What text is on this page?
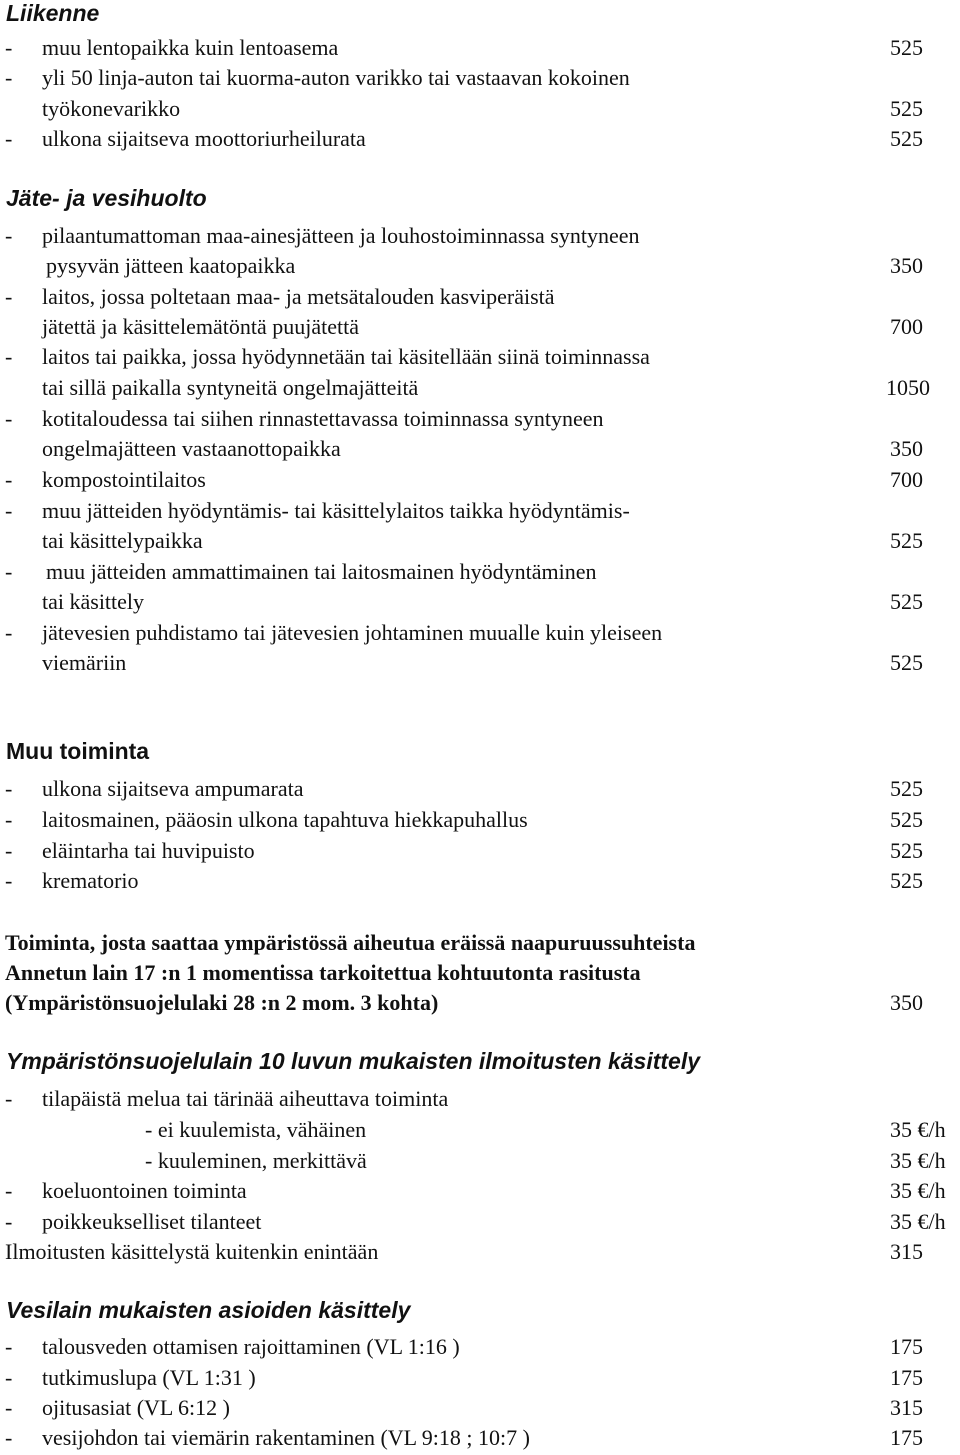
Liikenne
- muu lentopaikka kuin lentoasema	525
- yli 50 linja-auton tai kuorma-auton varikko tai vastaavan kokoinen
työkonevarikko	525
- ulkona sijaitseva moottoriurheilurata	525
Jäte- ja vesihuolto
- pilaantumattoman maa-ainesjätteen ja louhostoiminnassa syntyneen
pysyvän jätteen kaatopaikka	350
- laitos, jossa poltetaan maa- ja metsätalouden kasviperäistä
jätettä ja käsittelemätöntä puujätettä	700
- laitos tai paikka, jossa hyödynnetään tai käsitellään siinä toiminnassa
tai sillä paikalla syntyneitä ongelmajätteitä	1050
- kotitaloudessa tai siihen rinnastettavassa toiminnassa syntyneen
ongelmajätteen vastaanottopaikka	350
- kompostointilaitos	700
- muu jätteiden hyödyntämis- tai käsittelylaitos taikka hyödyntämis-
tai käsittelypaikka	525
- muu jätteiden ammattimainen tai laitosmainen hyödyntäminen
tai käsittely	525
- jätevesien puhdistamo tai jätevesien johtaminen muualle kuin yleiseen
viemäriin	525
Muu toiminta
- ulkona sijaitseva ampumarata	525
- laitosmainen, pääosin ulkona tapahtuva hiekkapuhallus	525
- eläintarha tai huvipuisto	525
- krematorio	525
Toiminta, josta saattaa ympäristössä aiheutua eräissä naapuruussuhteista
Annetun lain 17 :n 1 momentissa tarkoitettua kohtuutonta rasitusta
(Ympäristönsuojelulaki 28 :n 2 mom. 3 kohta)	350
Ympäristönsuojelulain 10 luvun mukaisten ilmoitusten käsittely
- tilapäistä melua tai tärinää aiheuttava toiminta
- ei kuulemista, vähäinen	35 €/h
- kuuleminen, merkittävä	35 €/h
- koeluontoinen toiminta	35 €/h
- poikkeukselliset tilanteet	35 €/h
Ilmoitusten käsittelystä kuitenkin enintään	315
Vesilain mukaisten asioiden käsittely
- talousveden ottamisen rajoittaminen (VL 1:16 )	175
- tutkimuslupa (VL 1:31 )	175
- ojitusasiat (VL 6:12 )	315
- vesijohdon tai viemärin rakentaminen (VL 9:18 ; 10:7 )	175
